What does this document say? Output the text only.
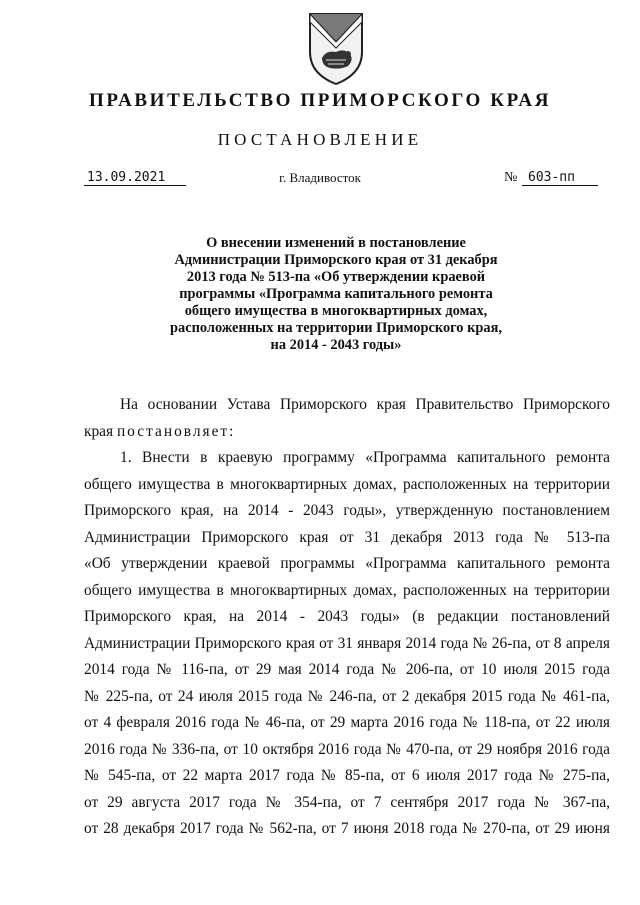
ПРАВИТЕЛЬСТВО ПРИМОРСКОГО КРАЯ
ПОСТАНОВЛЕНИЕ
13.09.2021	г. Владивосток	№ 603-пп
О внесении изменений в постановление
Администрации Приморского края от 31 декабря
2013 года № 513-па «Об утверждении краевой
программы «Программа капитального ремонта
общего имущества в многоквартирных домах,
расположенных на территории Приморского края,
на 2014 - 2043 годы»
На основании Устава Приморского края Правительство Приморского
края постановляет:
1. Внести в краевую программу «Программа капитального ремонта
общего имущества в многоквартирных домах, расположенных на территории
Приморского края, на 2014 - 2043 годы», утвержденную постановлением
Администрации Приморского края от 31 декабря 2013 года № 513-па
«Об утверждении краевой программы «Программа капитального ремонта
общего имущества в многоквартирных домах, расположенных на территории
Приморского края, на 2014 - 2043 годы» (в редакции постановлений
Администрации Приморского края от 31 января 2014 года № 26-па, от 8 апреля
2014 года № 116-па, от 29 мая 2014 года № 206-па, от 10 июля 2015 года
№ 225-па, от 24 июля 2015 года № 246-па, от 2 декабря 2015 года № 461-па,
от 4 февраля 2016 года № 46-па, от 29 марта 2016 года № 118-па, от 22 июля
2016 года № 336-па, от 10 октября 2016 года № 470-па, от 29 ноября 2016 года
№ 545-па, от 22 марта 2017 года № 85-па, от 6 июля 2017 года № 275-па,
от 29 августа 2017 года № 354-па, от 7 сентября 2017 года № 367-па,
от 28 декабря 2017 года № 562-па, от 7 июня 2018 года № 270-па, от 29 июня
